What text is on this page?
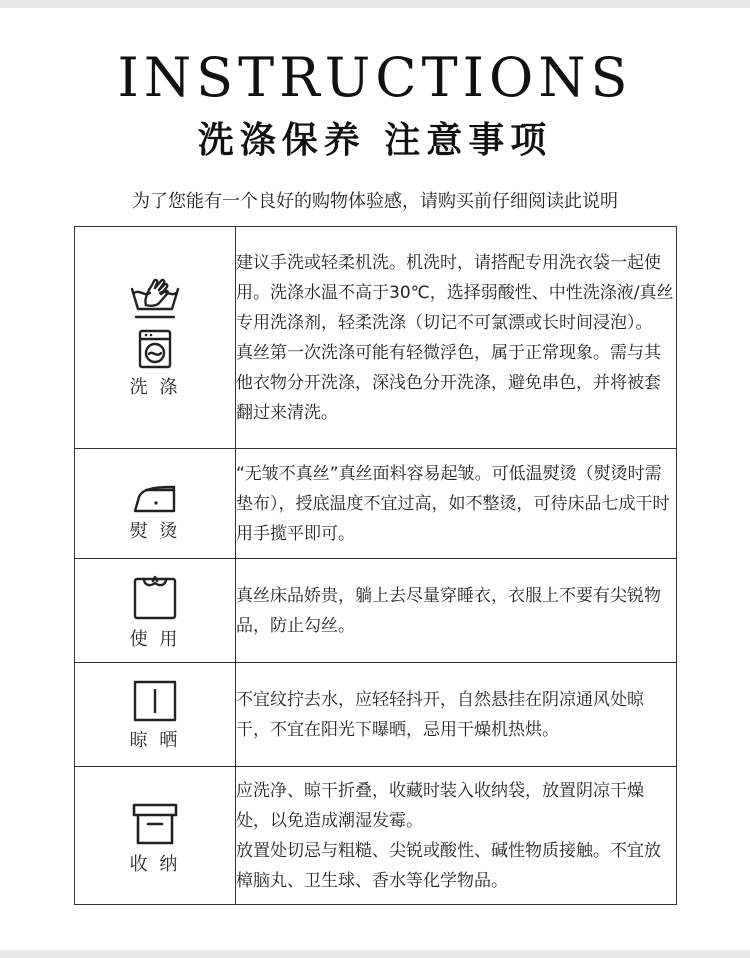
INSTRUCTIONS
洗涤保养 注意事项
为了您能有一个良好的购物体验感，请购买前仔细阅读此说明
洗 涤	建议手洗或轻柔机洗。机洗时，请搭配专用洗衣袋一起使用。洗涤水温不高于30℃，选择弱酸性、中性洗涤液/真丝专用洗涤剂，轻柔洗涤（切记不可氯漂或长时间浸泡）。
真丝第一次洗涤可能有轻微浮色，属于正常现象。需与其他衣物分开洗涤，深浅色分开洗涤，避免串色，并将被套翻过来清洗。

熨 烫	“无皱不真丝”真丝面料容易起皱。可低温熨烫（熨烫时需垫布），授底温度不宜过高，如不整烫，可待床品七成干时用手揽平即可。

使 用	真丝床品娇贵，躺上去尽量穿睡衣，衣服上不要有尖锐物品，防止勾丝。

晾 晒	不宜纹拧去水，应轻轻抖开，自然悬挂在阴凉通风处晾干，不宜在阳光下曝晒，忌用干燥机热烘。

收 纳	应洗净、晾干折叠，收藏时装入收纳袋，放置阴凉干燥处，以免造成潮湿发霉。
放置处切忌与粗糙、尖锐或酸性、碱性物质接触。不宜放樟脑丸、卫生球、香水等化学物品。
